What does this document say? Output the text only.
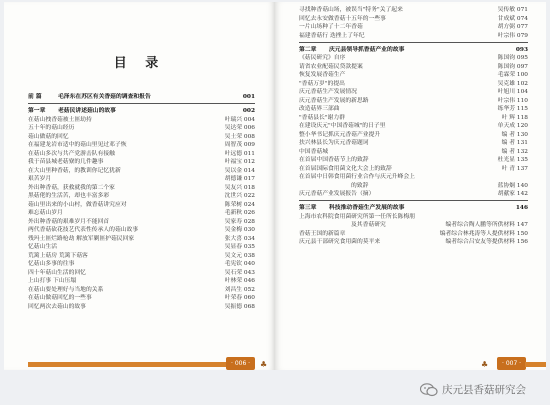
目 录
前 篇	毛泽东在苏区有关香菇的调查和报告	001
第一章 老菇民讲述菇山的故事	002
在菇山拽香菇被土匪劫持	叶瑞兴 004
五十年的菇山经历	吴达荣 006
菇山做菇的回忆	吴土荣 008
在福建龙岩市适中的菇山里见过邓子恢	周智茂 009
在菇山多次与共产党游击队有接触	叶远德 011
我于苗县城老菇寮的几件趣事	叶福宝 012
在大山里种香菇，的教训你记忆犹新	吴以金 014
艰苦岁月	胡德谦 017
外出种香菇，获救就我的第二个家	吴友兴 018
黑菇佬的生活苦，却也丰富多彩	沈世兴 022
菇山里出来的小山村，做香菇讲究应对	陈荣树 024
难忘菇山岁月	毛新秋 026
外出种香菇的艰难岁月不能回首	吴家寿 028
两代香菇砍花技艺代表性传承人的菇山故事	吴金梅 030
残玛土匪烂路枪劫 解放军剿匪护菇民回家	张大喜 034
忆菇山生活	吴显春 035
荒篱上菇房 荒篱下菇客	吴文元 038
忆菇山多事的往事	毛宪钦 040
四十年菇山生活的回忆	吴石荣 043
上山打事 下山压塌	叶林荣 046
在菇山要处理好与当地的关系	刘昌生 052
在菇山做菇回忆的一些事	叶荣春 060
回忆两次去菇山的故事	吴振德 068
· 006 ·	♣
寻找种香菇山场，被误当"特务"关了起来	吴传敏 071
回忆去永安做香菇十五年的一些事	甘成斌 074
一片山场种了十二年香菇	胡方弼 077
福建香菇行 迭挫上了年纪	叶宗伟 079
第二章 庆元县领导抓香菇产业的故事	093
《菇民研究》自序	陈国钧 095
请省农业配菇民贷款提案	陈国钧 097
恢复发展香菇生产	毛霖荣 100
"香菇万岁"的提出	吴克雄 102
庆元香菇生产发展情况	叶旭川 104
庆元香菇生产发展的新思路	叶宗伟 110
改造菇界三部曲	练华芳 115
"香菇县长"谢力群	叶 辉 118
在建设庆元"中国香菇城"的日子里	单天成 120
整小华书记抓庆元香菇产业提升	编 者 130
扶兴林县长为庆元香菇题词	编 者 131
中国香菇城	编 者 132
在首届中国香菇节上的致辞	杜光显 135
在首届国际食用菌文化大会上的致辞	叶 青 137
在首届中日韩食用菌行业合作与庆元升峰会上
的致辞	蓝协炯 140
庆元香菇产业发展报告（摘）	胡献家 142
第三章 科技推动香菇生产发展的故事	146
上海市农科院食用菌研究所第一任所长陈梅朋
及其香菇研究	编者综合陶人鹏等所供材料 147
香菇王国的新篇章	编者综合林兆涛等人提供材料 150
庆元县干部研究食用菌的莫平来	编者综合吕安友等提供材料 156
· 007 ·
♣
庆元县香菇研究会
